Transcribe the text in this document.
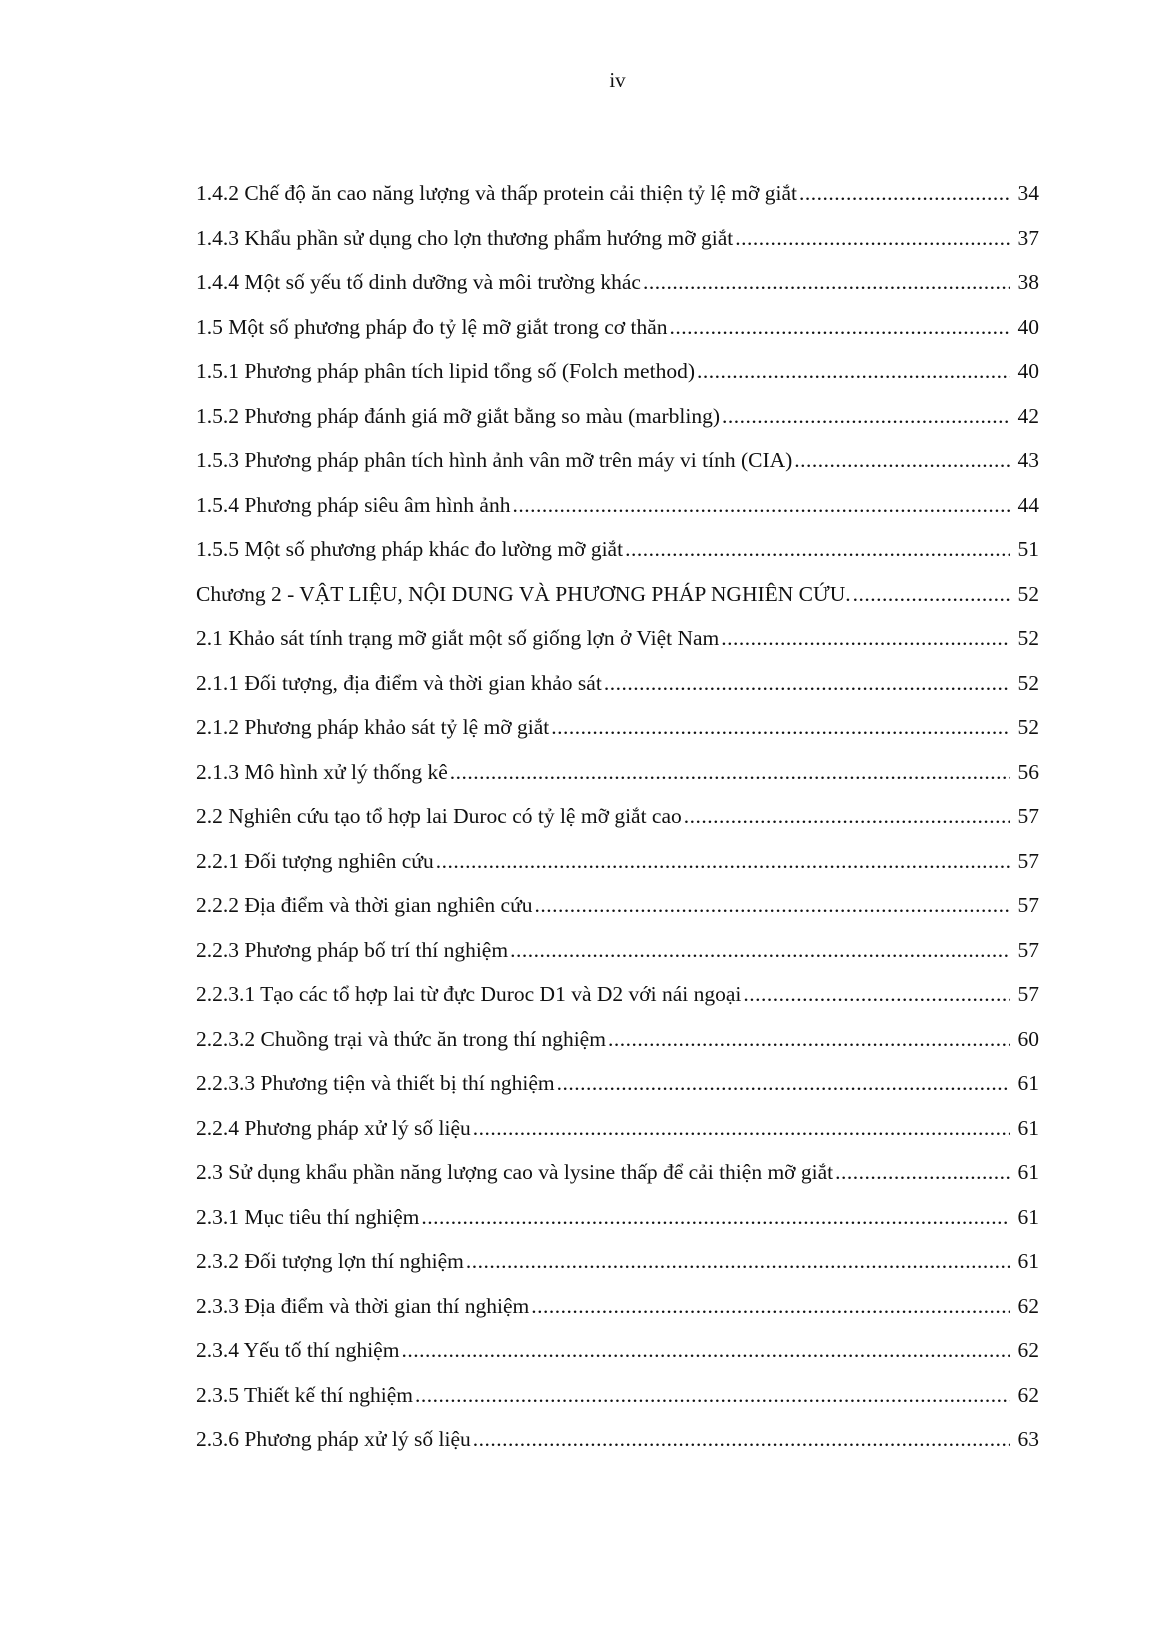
iv
1.4.2 Chế độ ăn cao năng lượng và thấp protein cải thiện tỷ lệ mỡ giắt .....	34
1.4.3 Khẩu phần sử dụng cho lợn thương phẩm hướng mỡ giắt .....	37
1.4.4 Một số yếu tố dinh dưỡng và môi trường khác .....	38
1.5 Một số phương pháp đo tỷ lệ mỡ giắt trong cơ thăn .....	40
1.5.1 Phương pháp phân tích lipid tổng số (Folch method) .....	40
1.5.2 Phương pháp đánh giá mỡ giắt bằng so màu (marbling) .....	42
1.5.3 Phương pháp phân tích hình ảnh vân mỡ trên máy vi tính (CIA) .....	43
1.5.4 Phương pháp siêu âm hình ảnh .....	44
1.5.5 Một số phương pháp khác đo lường mỡ giắt .....	51
Chương 2 - VẬT LIỆU, NỘI DUNG VÀ PHƯƠNG PHÁP NGHIÊN CỨU. .....	52
2.1 Khảo sát tính trạng mỡ giắt một số giống lợn ở Việt Nam .....	52
2.1.1 Đối tượng, địa điểm và thời gian khảo sát .....	52
2.1.2 Phương pháp khảo sát tỷ lệ mỡ giắt .....	52
2.1.3 Mô hình xử lý thống kê .....	56
2.2 Nghiên cứu tạo tổ hợp lai Duroc có tỷ lệ mỡ giắt cao .....	57
2.2.1 Đối tượng nghiên cứu .....	57
2.2.2 Địa điểm và thời gian nghiên cứu .....	57
2.2.3 Phương pháp bố trí thí nghiệm .....	57
2.2.3.1 Tạo các tổ hợp lai từ đực Duroc D1 và D2 với nái ngoại .....	57
2.2.3.2 Chuồng trại và thức ăn trong thí nghiệm .....	60
2.2.3.3 Phương tiện và thiết bị thí nghiệm .....	61
2.2.4 Phương pháp xử lý số liệu .....	61
2.3 Sử dụng khẩu phần năng lượng cao và lysine thấp để cải thiện mỡ giắt .....	61
2.3.1 Mục tiêu thí nghiệm .....	61
2.3.2 Đối tượng lợn thí nghiệm .....	61
2.3.3 Địa điểm và thời gian thí nghiệm .....	62
2.3.4 Yếu tố thí nghiệm .....	62
2.3.5 Thiết kế thí nghiệm .....	62
2.3.6 Phương pháp xử lý số liệu .....	63
